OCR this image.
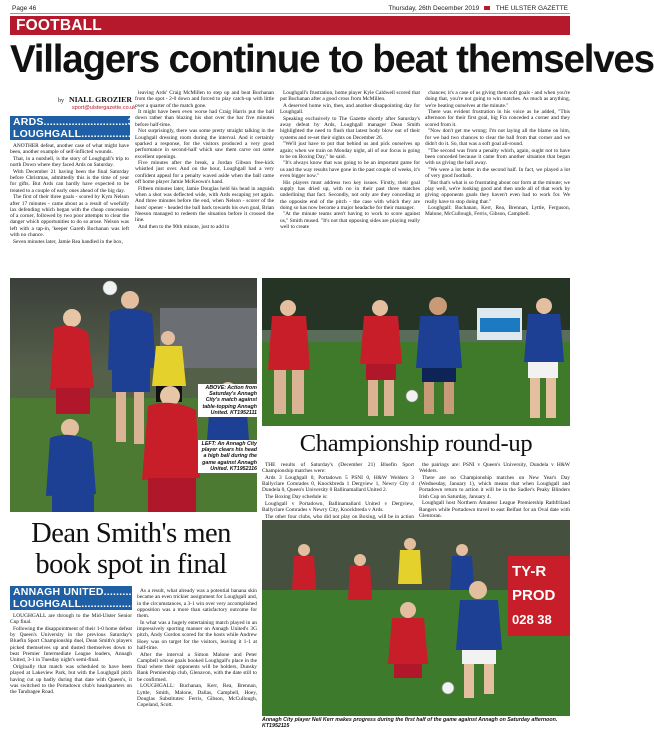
Page 46	Thursday, 26th December 2019	THE ULSTER GAZETTE
FOOTBALL
Villagers continue to beat themselves
by NIALL GROZIER
sport@ulstergazette.co.uk
ARDS...........................3
LOUGHGALL..................0

ANOTHER defeat, another case of what might have been, another example of self-inflicted wounds.

That, in a nutshell, is the story of Loughgall's trip to north Down where they faced Ards on Saturday.

With December 21 having been the final Saturday before Christmas, admittedly this is the time of year for gifts. But Ards can hardly have expected to be treated to a couple of early ones ahead of the big day.

The first of their three goals - scored by Kym Nelson after 17 minutes - came about as a result of woefully lax defending which began with the cheap concession of a corner, followed by two poor attempts to clear the danger which opportunities to do so arose. Nelson was left with a tap-in, 'keeper Gareth Buchanan was left with no chance.

Seven minutes later, Jamie Rea handled in the box,

leaving Ards' Craig McMillen to step up and beat Buchanan from the spot - 2-0 down and forced to play catch-up with little over a quarter of the match gone.

It might have been even worse had Craig Harris put the ball down rather than blazing his shot over the bar five minutes before half-time.

Not surprisingly, there was some pretty straight talking in the Loughgall dressing room during the interval. And it certainly sparked a response, for the visitors produced a very good performance in second-half which saw them carve out some excellent openings.

Five minutes after the break, a Jordan Gibson free-kick whistled just over. And on the hour, Loughgall had a very confident appeal for a penalty waved aside when the ball came off home player Jamie McKeown's hand.

Fifteen minutes later, Jamie Douglas held his head in anguish when a shot was deflected wide, with Ards escaping yet again. And three minutes before the end, when Nelson - scorer of the hosts' opener - headed the ball back towards his own goal, Brian Neeson managed to redeem the situation before it crossed the line.

And then to the 90th minute, just to add to

Loughgall's frustration, home player Kyle Caldwell scored that put Buchanan after a good cross from McMillen.

A deserved home win, then, and another disappointing day for Loughgall.

Speaking exclusively to The Gazette shortly after Saturday's away defeat by Ards, Loughgall manager Dean Smith highlighted the need to flush that latest body blow out of their systems and re-set their sights on December 26.

"We'll just have to put that behind us and pick ourselves up again; when we train on Monday night, all of our focus is going to be on Boxing Day," he said.

"It's always know that was going to be an important game for us and the way results have gone in the past couple of weeks, it's even bigger now."

His players must address two key issues. Firstly, their goal supply has dried up, with no in their past three matches underlining that fact. Secondly, not only are they conceding at the opposite end of the pitch - the case with which they are doing so has now become a major headache for their manager.

"At the minute teams aren't having to work to score against us," Smith mused. "It's not that opposing sides are playing really well to create

chances; it's a case of us giving them soft goals - and when you're doing that, you're not going to win matches. As much as anything, we're beating ourselves at the minute."

There was evident frustration in his voice as he added, "This afternoon for their first goal, big Fra conceded a corner and they scored from it.

"Now don't get me wrong; I'm not laying all the blame on him, for we had two chances to clear the ball from that corner and we didn't do it. So, that was a soft goal all-round.

"The second was from a penalty which, again, ought not to have been conceded because it came from another situation that began with us giving the ball away.

"We were a lot better in the second half. In fact, we played a lot of very good football.

"But that's what is so frustrating about our form at the minute; we play well, we're looking good and then undo all of that work by giving opponents goals they haven't even had to work for. We really have to stop doing that."

Loughgall: Buchanan, Kerr, Rea, Brennan, Lyttle, Ferguson, Malone, McCullough, Ferris, Gibson, Campbell.

ABOVE: Action from Saturday's Annagh City's match against table-topping Annagh United. KT1952111
LEFT: An Annagh City player clears his head a high ball during the game against Annagh United. KT1952116
Championship round-up

THE results of Saturday's (December 21) Bluefin Sport Championship matches were:

Ards 3 Loughgall 0, Portadown 5 PSNI 0, H&W Welders 3 Ballyclare Comrades 0, Knockbreda 1 Dergview 1, Newry City 4 Dundela 0, Queen's University 0 Ballinamallard United 2.

The Boxing Day schedule is:

Loughgall v Portadown, Ballinamallard United v Dergview, Ballyclare Comrades v Newry City, Knockbreda v Ards.

The other four clubs, who did not play on Boxing, will be in action

the pairings are: PSNI v Queen's University, Dundela v H&W Welders.

There are no Championship matches on New Year's Day (Wednesday, January 1), which means that when Loughgall and Portadown return to action it will be in the Sadler's Peaky Blinders Irish Cup on Saturday, January 4.

Loughgall host Northern Amateur League Premiership Rathfriland Rangers while Portadown travel to east Belfast for an Oval date with Glentoran.

Dean Smith's men book spot in final
ANNAGH UNITED.............1
LOUGHGALL.....................3

LOUGHGALL are through to the Mid-Ulster Senior Cup final.

Following the disappointment of their 1-0 home defeat by Queen's University in the previous Saturday's Bluefin Sport Championship duel, Dean Smith's players picked themselves up and dusted themselves down to beat Premier Intermediate League leaders, Annagh United, 3-1 in Tuesday night's semi-final.

Originally that match was scheduled to have been played at Lakeview Park, but with the Loughgall pitch having cut up badly during that date with Queen's, it was switched to the Portadown club's headquarters on the Tandragee Road.

As a result, what already was a potential banana skin became an even trickier assignment for Loughgall and, in the circumstances, a 3-1 win over very accomplished opposition was a more than satisfactory outcome for them.

In what was a hugely entertaining match played in an impressively sporting manner on Annagh United's 3G pitch, Andy Gordon scored for the hosts while Andrew Hoey was on target for the visitors, leaving it 1-1 at half-time.

After the interval a Simon Malone and Peter Campbell whose goals booked Loughgall's place in the final where their opponents will be holders, Dunsky Bank Premiership club, Glenavon, with the date still to be confirmed.

LOUGHGALL: Buchanan, Kerr, Rea, Brennan, Lyttle, Smith, Malone, Dallas, Campbell, Hoey, Douglas Substitutes: Ferris, Gibson, McCullough, Copeland, Scott.

TY-R
PROD
028 38
Annagh City player Neil Kerr makes progress during the first half of the game against Annagh on Saturday afternoon. KT1952115
